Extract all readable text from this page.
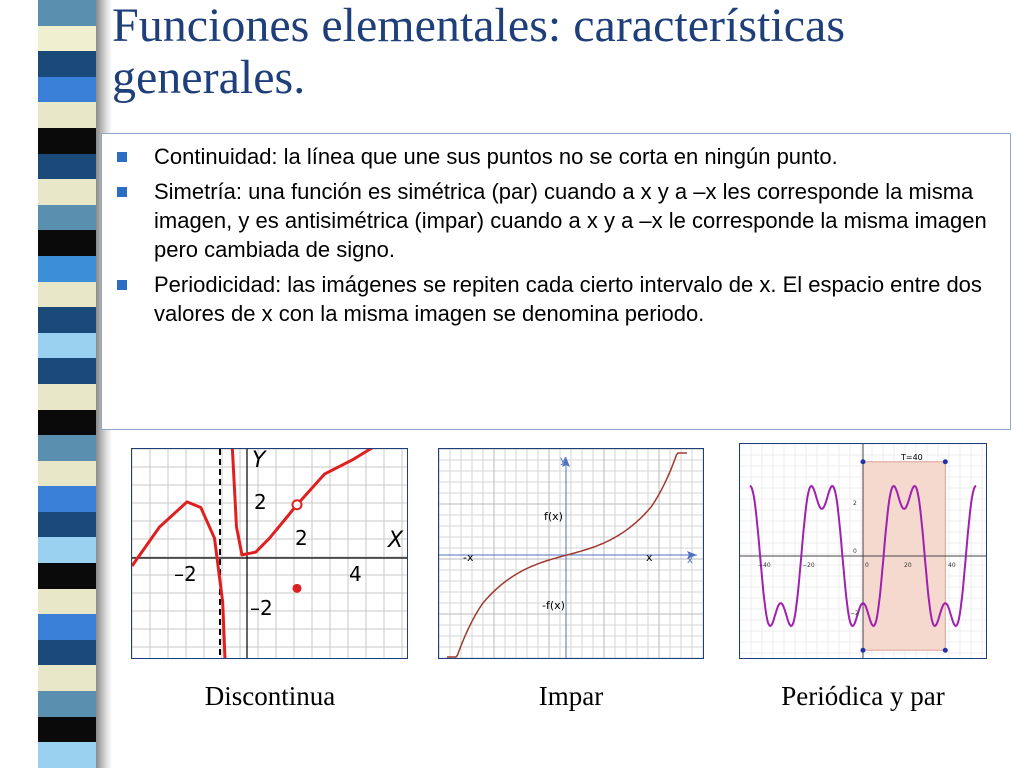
Funciones elementales: características generales.
Continuidad: la línea que une sus puntos no se corta en ningún punto.
Simetría: una función es simétrica (par) cuando a x y a –x les corresponde la misma imagen, y es antisimétrica (impar) cuando a x y a –x le corresponde la misma imagen pero cambiada de signo.
Periodicidad: las imágenes se repiten cada cierto intervalo de x. El espacio entre dos valores de x con la misma imagen se denomina periodo.
Y
X
–2
2
4
2
–2
y
x
x
-x
f(x)
-f(x)
T=40
−40	−20	0	20	40
2
0
−2
Discontinua	Impar	Periódica y par
